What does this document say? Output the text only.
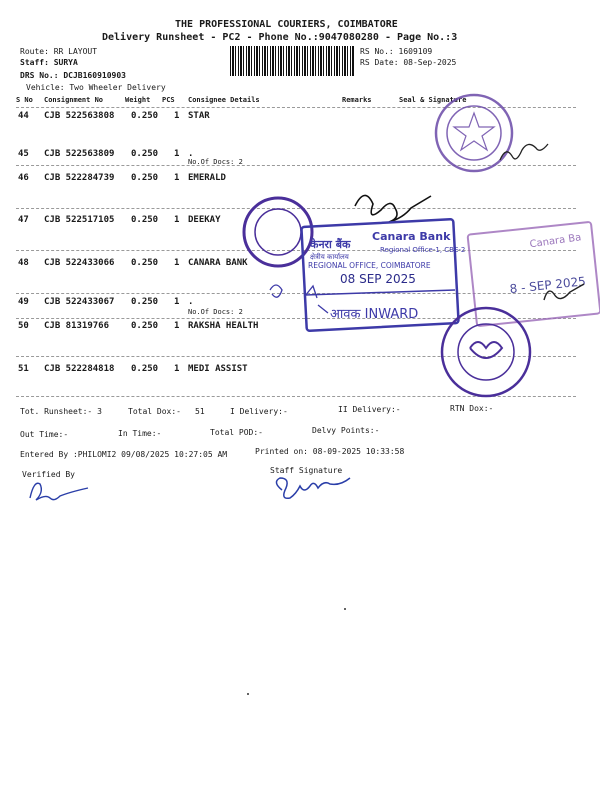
THE PROFESSIONAL COURIERS, COIMBATORE
Delivery Runsheet - PC2 - Phone No.:9047080280 - Page No.:3
Route: RR LAYOUT
Staff: SURYA
DRS No.: DCJB160910903
Vehicle: Two Wheeler Delivery
RS No.: 1609109
RS Date: 08-Sep-2025
S No Consignment No	Weight PCS Consignee Details	Remarks	Seal & Signature
44 CJB 522563808 0.250 1 STAR
45 CJB 522563809 0.250 1 .
No.Of Docs: 2
46 CJB 522284739 0.250 1 EMERALD
47 CJB 522517105 0.250 1 DEEKAY
48 CJB 522433066 0.250 1 CANARA BANK
49 CJB 522433067 0.250 1 .
No.Of Docs: 2
50 CJB 81319766 0.250 1 RAKSHA HEALTH
51 CJB 522284818 0.250 1 MEDI ASSIST
Tot. Runsheet:- 3	Total Dox:- 51	I Delivery:-	II Delivery:-	RTN Dox:-
Out Time:-	In Time:-	Total POD:-	Delvy Points:-
Entered By :PHILOMI2 09/08/2025 10:27:05 AM	Printed on: 08-09-2025 10:33:58
Verified By	Staff Signature
केनरा बैंक
Canara Bank
क्षेत्रीय कार्यालय
Regional Office-1, CBE-2
REGIONAL OFFICE, COIMBATORE
08 SEP 2025
आवक INWARD
Canara Ba
8 - SEP 2025
